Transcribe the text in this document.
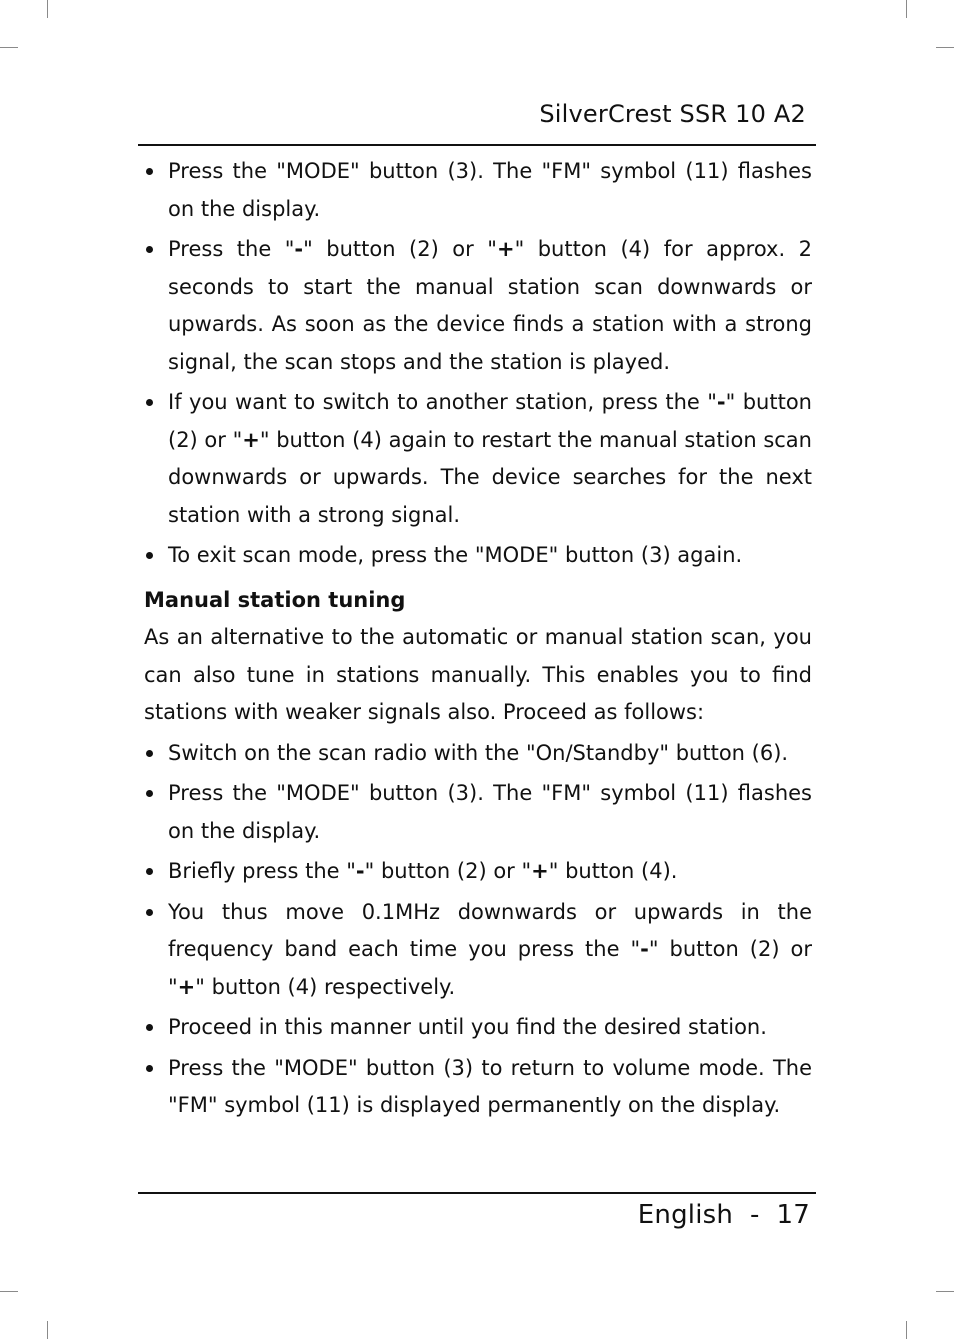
SilverCrest SSR 10 A2
Press the "MODE" button (3). The "FM" symbol (11) flashes on the display.
Press the "-" button (2) or "+" button (4) for approx. 2 seconds to start the manual station scan downwards or upwards. As soon as the device finds a station with a strong signal, the scan stops and the station is played.
If you want to switch to another station, press the "-" button (2) or "+" button (4) again to restart the manual station scan downwards or upwards. The device searches for the next station with a strong signal.
To exit scan mode, press the "MODE" button (3) again.
Manual station tuning
As an alternative to the automatic or manual station scan, you can also tune in stations manually. This enables you to find stations with weaker signals also. Proceed as follows:
Switch on the scan radio with the "On/Standby" button (6).
Press the "MODE" button (3). The "FM" symbol (11) flashes on the display.
Briefly press the "-" button (2) or "+" button (4).
You thus move 0.1MHz downwards or upwards in the frequency band each time you press the "-" button (2) or "+" button (4) respectively.
Proceed in this manner until you find the desired station.
Press the "MODE" button (3) to return to volume mode. The "FM" symbol (11) is displayed permanently on the display.
English  -  17
